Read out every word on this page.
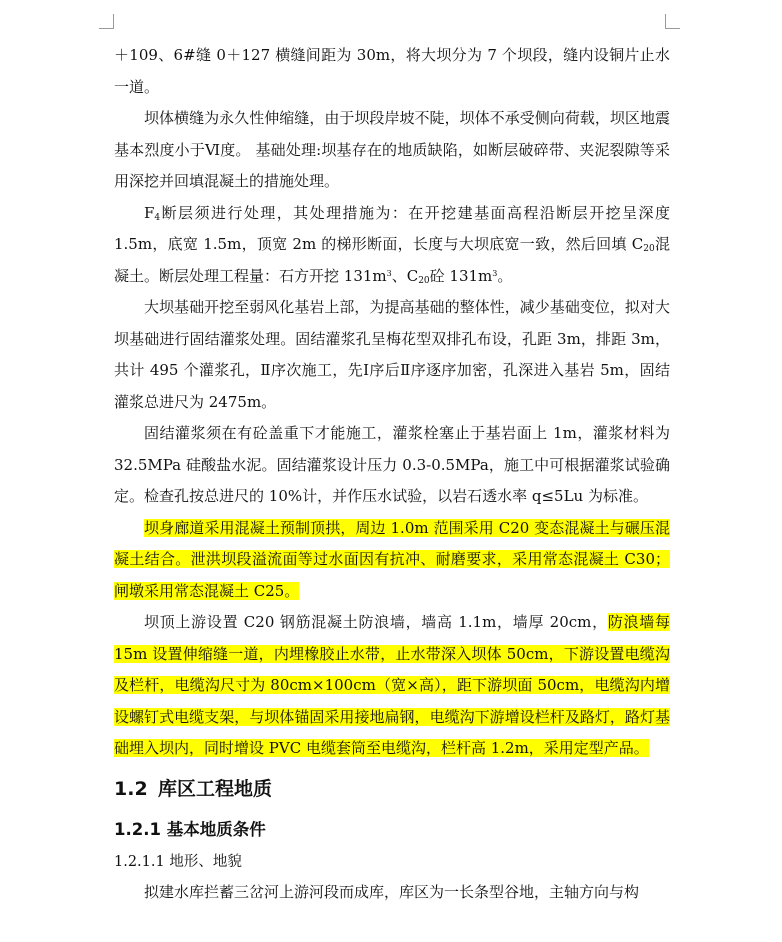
＋109、6#缝 0＋127 横缝间距为 30m，将大坝分为 7 个坝段，缝内设铜片止水一道。

坝体横缝为永久性伸缩缝，由于坝段岸坡不陡，坝体不承受侧向荷载，坝区地震基本烈度小于Ⅵ度。 基础处理:坝基存在的地质缺陷，如断层破碎带、夹泥裂隙等采用深挖并回填混凝土的措施处理。

$F_4$断层须进行处理，其处理措施为：在开挖建基面高程沿断层开挖呈深度 1.5m，底宽 1.5m，顶宽 2m 的梯形断面，长度与大坝底宽一致，然后回填 $C_{20}$混凝土。断层处理工程量：石方开挖 $131m^3$、$C_{20}$砼 $131m^3$。

大坝基础开挖至弱风化基岩上部，为提高基础的整体性，减少基础变位，拟对大坝基础进行固结灌浆处理。固结灌浆孔呈梅花型双排孔布设，孔距 3m，排距 3m，共计 495 个灌浆孔，Ⅱ序次施工，先Ⅰ序后Ⅱ序逐序加密，孔深进入基岩 5m，固结灌浆总进尺为 2475m。

固结灌浆须在有砼盖重下才能施工，灌浆栓塞止于基岩面上 1m，灌浆材料为 32.5MPa 硅酸盐水泥。固结灌浆设计压力 0.3-0.5MPa，施工中可根据灌浆试验确定。检查孔按总进尺的 10%计，并作压水试验，以岩石透水率 q≤5Lu 为标准。

坝身廊道采用混凝土预制顶拱，周边 1.0m 范围采用 C20 变态混凝土与碾压混凝土结合。泄洪坝段溢流面等过水面因有抗冲、耐磨要求，采用常态混凝土 C30；闸墩采用常态混凝土 C25。

坝顶上游设置 C20 钢筋混凝土防浪墙，墙高 1.1m，墙厚 20cm，防浪墙每 15m 设置伸缩缝一道，内埋橡胶止水带，止水带深入坝体 50cm，下游设置电缆沟及栏杆，电缆沟尺寸为 80cm×100cm（宽×高），距下游坝面 50cm，电缆沟内增设螺钉式电缆支架，与坝体锚固采用接地扁钢，电缆沟下游增设栏杆及路灯，路灯基础埋入坝内，同时增设 PVC 电缆套筒至电缆沟，栏杆高 1.2m，采用定型产品。

1.2 库区工程地质
1.2.1 基本地质条件
1.2.1.1 地形、地貌

拟建水库拦蓄三岔河上游河段而成库，库区为一长条型谷地，主轴方向与构
